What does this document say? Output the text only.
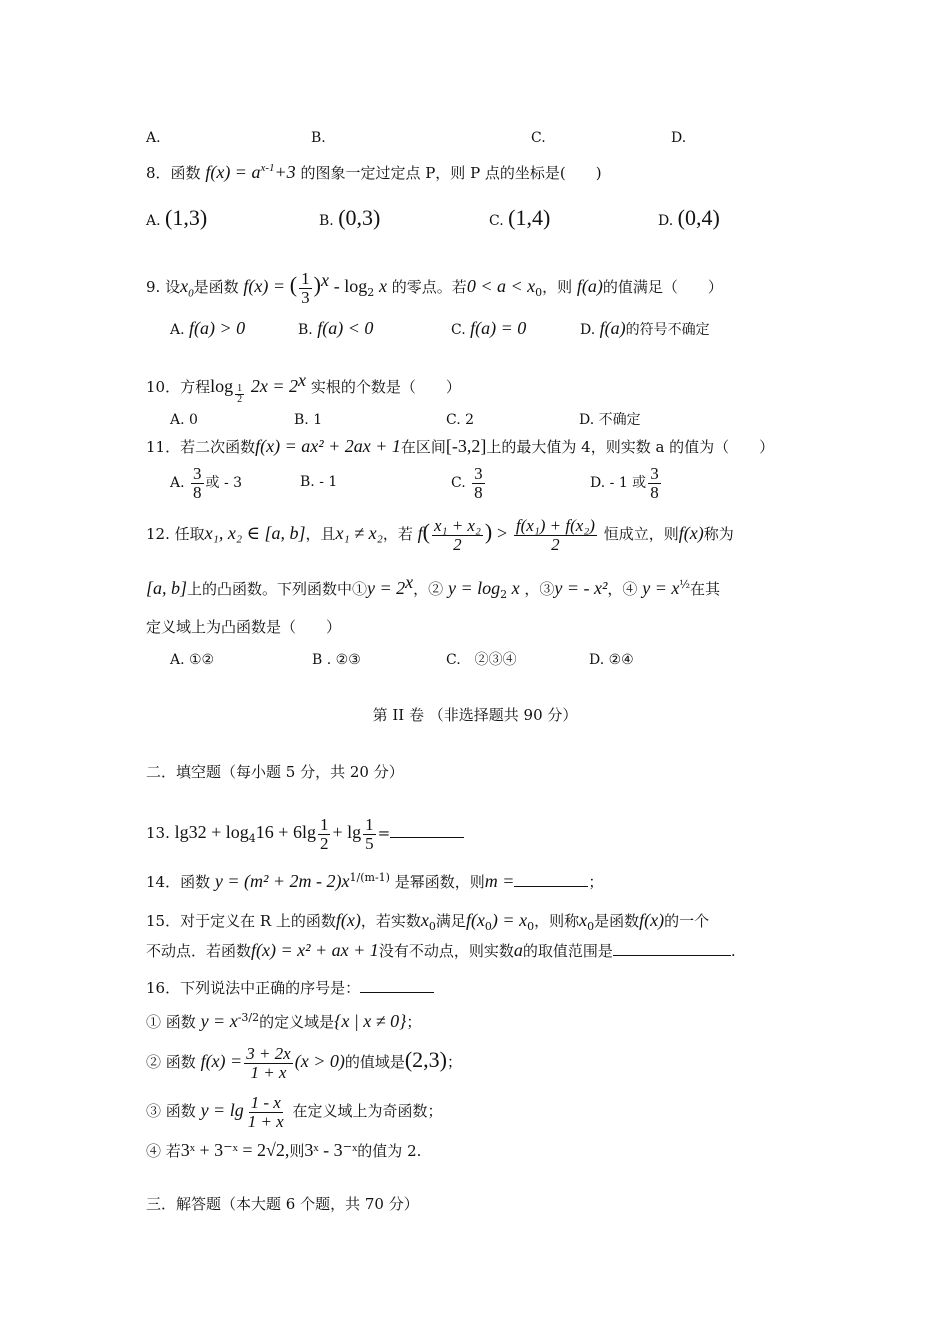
A.	B.	C.	D.
8．函数 $f(x) = a^{x-1}+3$ 的图象一定过定点 P，则 P 点的坐标是(　　)
A. (1,3)	B. (0,3)	C. (1,4)	D. (0,4)
9. 设$x_0$是函数 f(x) = ( $\frac{1}{3} )^x - \log_2 x$ 的零点。若$0 < a < x_0$，则 f(a)的值满足（　　）
A. f(a) > 0	B. f(a) < 0	C. f(a) = 0	D. f(a)的符号不确定
10．方程log $_{\frac{1}{2}}$ $2x = 2^x$ 实根的个数是（　　）
A. 0	B. 1	C. 2	D. 不确定
11．若二次函数f(x) = ax² + 2ax + 1在区间[-3,2]上的最大值为 4，则实数 a 的值为（　　）
A. $\frac{3}{8}$ 或 - 3	B. - 1	C. $\frac{3}{8}$	D. - 1 或 $\frac{3}{8}$
12. 任取x₁, x₂ ∈ [a, b]，且x₁ ≠ x₂，若 $f( \frac{\text{x₁ + x₂}}{2}$ ) > $\frac{\text{f(x₁) + f(x₂)}}{2}$ 恒成立，则f(x)称为
[a, b]上的凸函数。下列函数中①y = $2^x$，② $y = \log_2 x$ ，③y = - x²，④ $y = x^{\frac{1}{2}}$在其
定义域上为凸函数是（　　）
A. ①②	B . ②③	C.　②③④	D. ②④
第 II 卷 （非选择题共 90 分）
二．填空题（每小题 5 分，共 20 分）
13. $\lg 32 + \log_416 + 6\lg \frac{1}{2} + \lg \frac{1}{5}$ =
14．函数 $y = (m^2 + 2m - 2)x^{1/(m-1)}$ 是幂函数，则m =	；
15．对于定义在 R 上的函数f(x)，若实数$x_0$满足$f(x_0) = x_0$，则称$x_0$是函数f(x)的一个
不动点．若函数f(x) = x² + ax + 1没有不动点，则实数a的取值范围是	.
16．下列说法中正确的序号是：
① 函数 $y = x^{-3/2}$的定义域是{x | x ≠ 0}；
② 函数 $f(x) = \frac{3 + 2x}{1 + x} (x > 0)$的值域是(2,3)；
③ 函数 $y = \lg \frac{1 - x}{1 + x}$ 在定义域上为奇函数；
④ 若3ˣ + 3⁻ˣ = 2√2,则3ˣ - 3⁻ˣ的值为 2.
三．解答题（本大题 6 个题，共 70 分）
